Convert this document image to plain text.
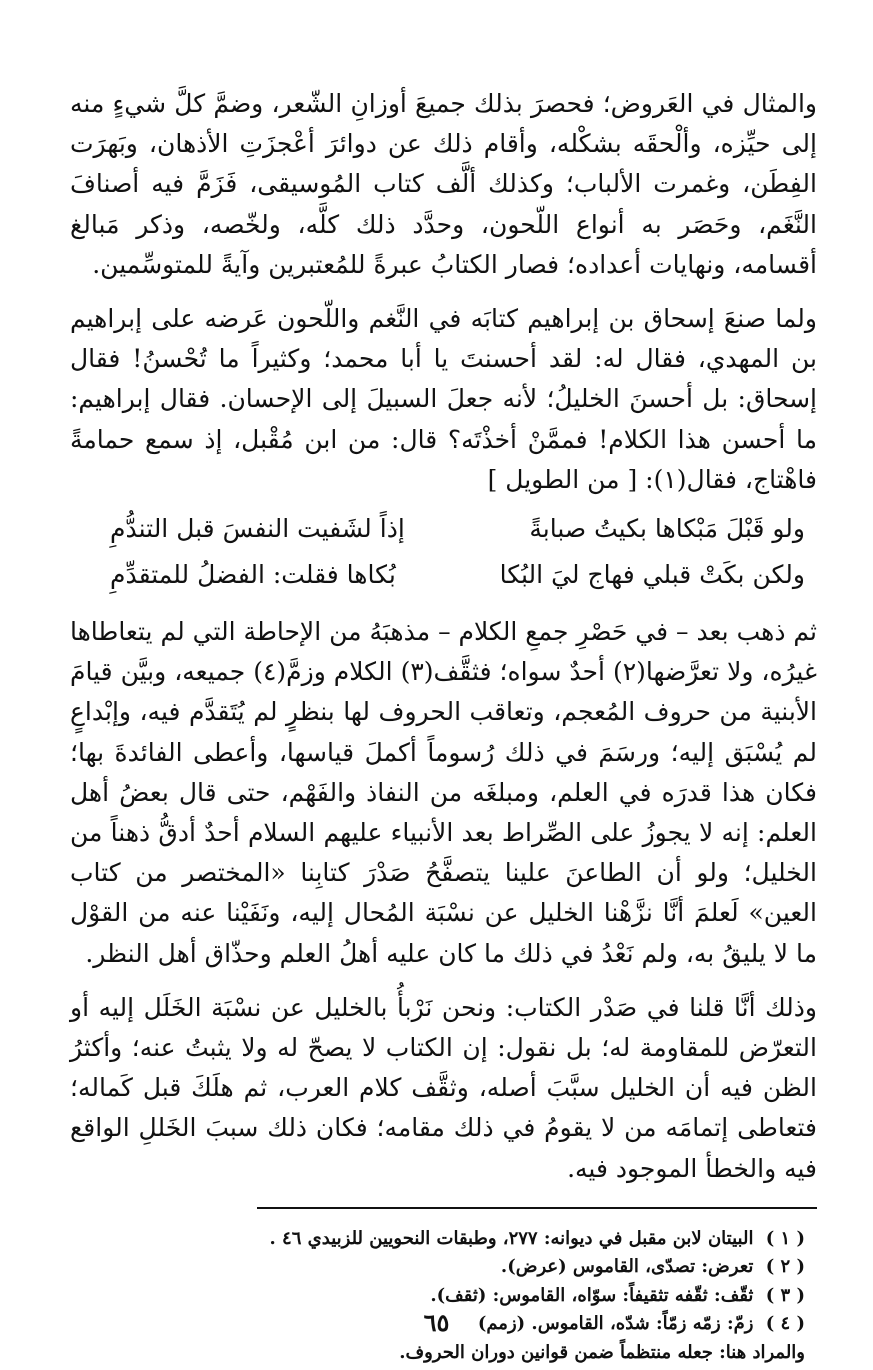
والمثال في العَروض؛ فحصرَ بذلك جميعَ أوزانِ الشّعر، وضمَّ كلَّ شيءٍ منه إلى حيِّزه، وألْحقَه بشكْله، وأقام ذلك عن دوائرَ أعْجزَتِ الأذهان، وبَهرَت الفِطَن، وغمرت الألباب؛ وكذلك ألَّف كتاب المُوسيقى، فَزَمَّ فيه أصنافَ النَّغَم، وحَصَر به أنواع اللّحون، وحدَّد ذلك كلَّه، ولخّصه، وذكر مَبالغ أقسامه، ونهايات أعداده؛ فصار الكتابُ عبرةً للمُعتبرين وآيةً للمتوسِّمين.

ولما صنعَ إسحاق بن إبراهيم كتابَه في النَّغم واللّحون عَرضه على إبراهيم بن المهدي، فقال له: لقد أحسنتَ يا أبا محمد؛ وكثيراً ما تُحْسنُ! فقال إسحاق: بل أحسنَ الخليلُ؛ لأنه جعلَ السبيلَ إلى الإحسان. فقال إبراهيم: ما أحسن هذا الكلام! فممَّنْ أخذْتَه؟ قال: من ابن مُقْبل، إذ سمع حمامةً فاهْتاج، فقال(١): [ من الطويل ]

ولو قَبْلَ مَبْكاها بكيتُ صبابةً
إذاً لشَفيت النفسَ قبل التندُّمِ
ولكن بكَتْ قبلي فهاج ليَ البُكا
بُكاها فقلت: الفضلُ للمتقدِّمِ

ثم ذهب بعد – في حَصْرِ جمعِ الكلام – مذهبَهُ من الإحاطة التي لم يتعاطاها غيرُه، ولا تعرَّضها(٢) أحدٌ سواه؛ فثقَّف(٣) الكلام وزمَّ(٤) جميعه، وبيَّن قيامَ الأبنية من حروف المُعجم، وتعاقب الحروف لها بنظرٍ لم يُتَقدَّم فيه، وإبْداعٍ لم يُسْبَق إليه؛ ورسَمَ في ذلك رُسوماً أكملَ قياسها، وأعطى الفائدةَ بها؛ فكان هذا قدرَه في العلم، ومبلغَه من النفاذ والفَهْم، حتى قال بعضُ أهل العلم: إنه لا يجوزُ على الصِّراط بعد الأنبياء عليهم السلام أحدٌ أدقُّ ذهناً من الخليل؛ ولو أن الطاعنَ علينا يتصفَّحُ صَدْرَ كتابِنا «المختصر من كتاب العين» لَعلمَ أنَّا نزَّهْنا الخليل عن نسْبَة المُحال إليه، ونَفَيْنا عنه من القوْل ما لا يليقُ به، ولم نَعْدُ في ذلك ما كان عليه أهلُ العلم وحذّاق أهل النظر.

وذلك أنَّا قلنا في صَدْر الكتاب: ونحن نَرْبأُ بالخليل عن نسْبَة الخَلَل إليه أو التعرّض للمقاومة له؛ بل نقول: إن الكتاب لا يصحّ له ولا يثبتُ عنه؛ وأكثرُ الظن فيه أن الخليل سبَّبَ أصله، وثقَّف كلام العرب، ثم هلَكَ قبل كَماله؛ فتعاطى إتمامَه من لا يقومُ في ذلك مقامه؛ فكان ذلك سببَ الخَللِ الواقع فيه والخطأ الموجود فيه.

( ١ ) البيتان لابن مقبل في ديوانه: ٢٧٧، وطبقات النحويين للزبيدي ٤٦ .
( ٢ ) تعرض: تصدّى، القاموس (عرض).
( ٣ ) ثقّف: ثقّفه تثقيفاً: سوّاه، القاموس: (ثقف).
( ٤ ) زمّ: زمّه زمّاً: شدّه، القاموس. (زمم)
والمراد هنا: جعله منتظماً ضمن قوانين دوران الحروف.
٦٥
